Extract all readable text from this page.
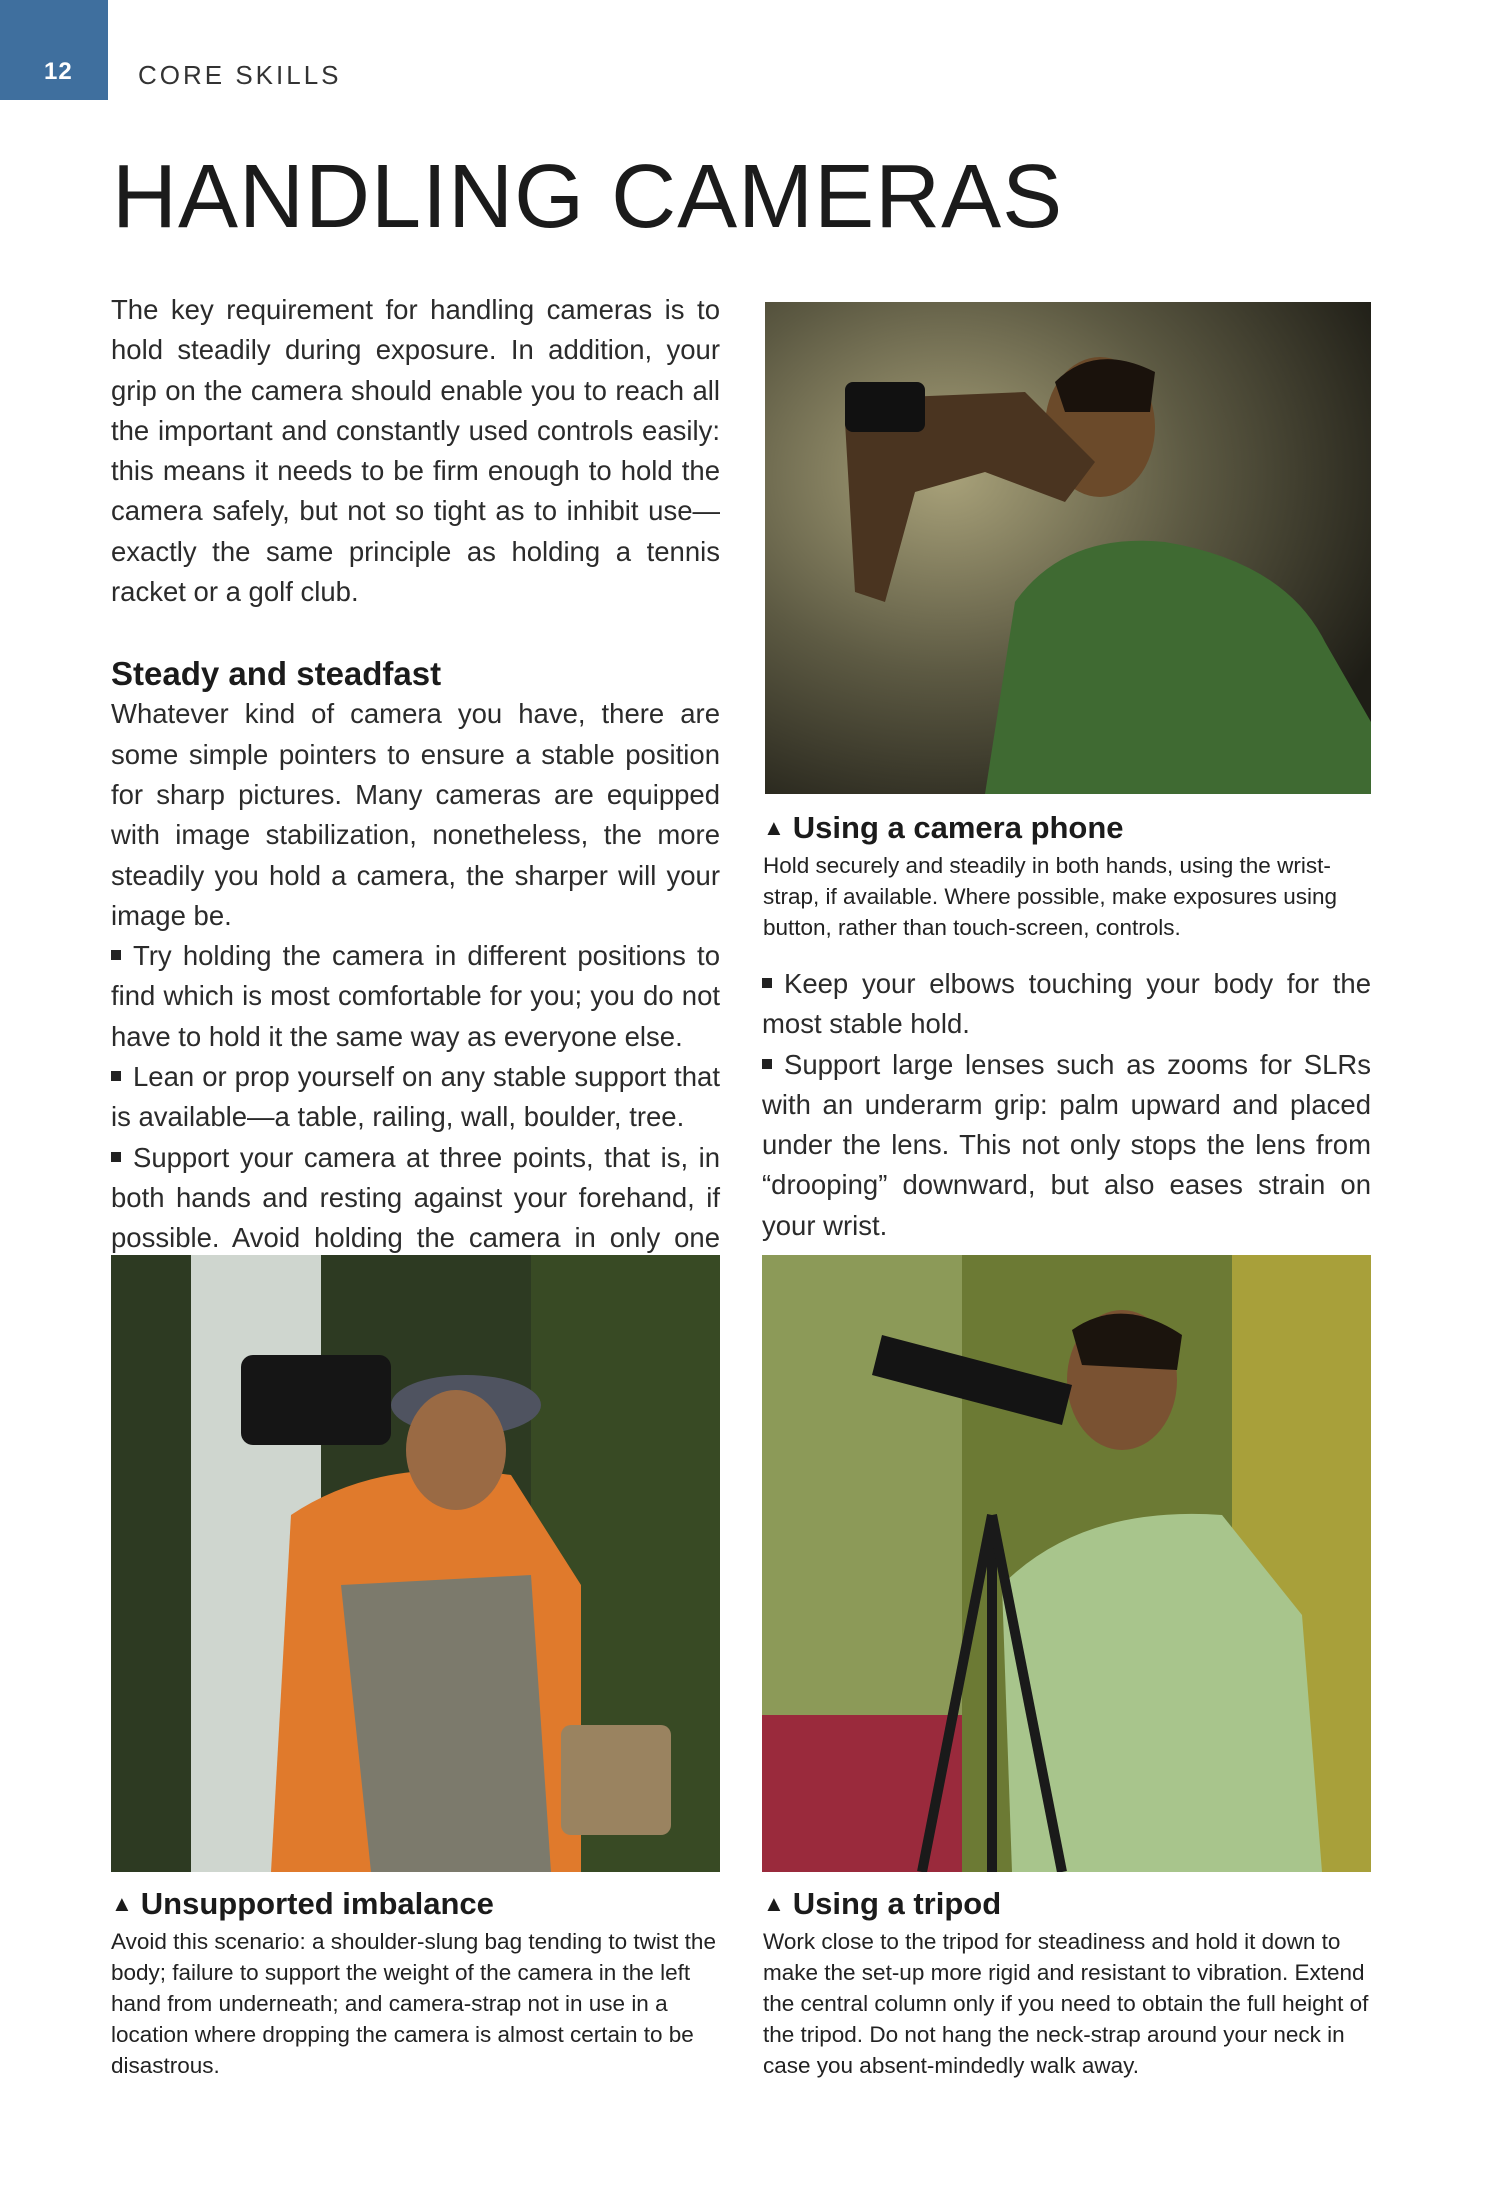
12	CORE SKILLS
HANDLING CAMERAS

The key requirement for handling cameras is to hold steadily during exposure. In addition, your grip on the camera should enable you to reach all the important and constantly used controls easily: this means it needs to be firm enough to hold the camera safely, but not so tight as to inhibit use—exactly the same principle as holding a tennis racket or a golf club.

Steady and steadfast

Whatever kind of camera you have, there are some simple pointers to ensure a stable position for sharp pictures. Many cameras are equipped with image stabilization, nonetheless, the more steadily you hold a camera, the sharper will your image be.

Try holding the camera in different positions to find which is most comfortable for you; you do not have to hold it the same way as everyone else.

Lean or prop yourself on any stable support that is available—a table, railing, wall, boulder, tree.

Support your camera at three points, that is, in both hands and resting against your forehand, if possible. Avoid holding the camera in only one

▲ Using a camera phone

Hold securely and steadily in both hands, using the wrist-strap, if available. Where possible, make exposures using button, rather than touch-screen, controls.

Keep your elbows touching your body for the most stable hold.

Support large lenses such as zooms for SLRs with an underarm grip: palm upward and placed under the lens. This not only stops the lens from “drooping” downward, but also eases strain on your wrist.

▲ Unsupported imbalance

Avoid this scenario: a shoulder-slung bag tending to twist the body; failure to support the weight of the camera in the left hand from underneath; and camera-strap not in use in a location where dropping the camera is almost certain to be disastrous.

▲ Using a tripod

Work close to the tripod for steadiness and hold it down to make the set-up more rigid and resistant to vibration. Extend the central column only if you need to obtain the full height of the tripod. Do not hang the neck-strap around your neck in case you absent-mindedly walk away.
